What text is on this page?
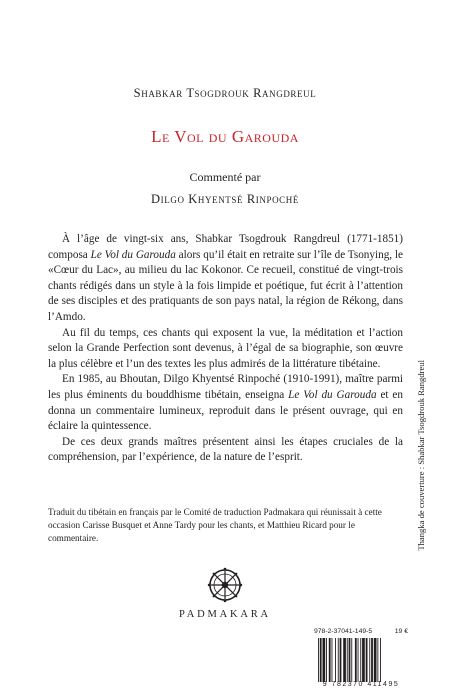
Shabkar Tsogdrouk Rangdreul
Le Vol du Garouda
Commenté par
Dilgo Khyentsé Rinpoché

À l’âge de vingt-six ans, Shabkar Tsogdrouk Rangdreul (1771-1851) composa Le Vol du Garouda alors qu’il était en retraite sur l’île de Tsonying, le «Cœur du Lac», au milieu du lac Kokonor. Ce recueil, constitué de vingt-trois chants rédigés dans un style à la fois limpide et poétique, fut écrit à l’attention de ses disciples et des pratiquants de son pays natal, la région de Rékong, dans l’Amdo.

Au fil du temps, ces chants qui exposent la vue, la méditation et l’action selon la Grande Perfection sont devenus, à l’égal de sa biographie, son œuvre la plus célèbre et l’un des textes les plus admirés de la littérature tibétaine.

En 1985, au Bhoutan, Dilgo Khyentsé Rinpoché (1910-1991), maître parmi les plus éminents du bouddhisme tibétain, enseigna Le Vol du Garouda et en donna un commentaire lumineux, reproduit dans le présent ouvrage, qui en éclaire la quintessence.

De ces deux grands maîtres présentent ainsi les étapes cruciales de la compréhension, par l’expérience, de la nature de l’esprit.

Traduit du tibétain en français par le Comité de traduction Padmakara qui réunissait à cette occasion Carisse Busquet et Anne Tardy pour les chants, et Matthieu Ricard pour le commentaire.
PADMAKARA
978-2-37041-149-5	19 €
9 782370 411495
Thangka de couverture : Shabkar Tsogdrouk Rangdreul
